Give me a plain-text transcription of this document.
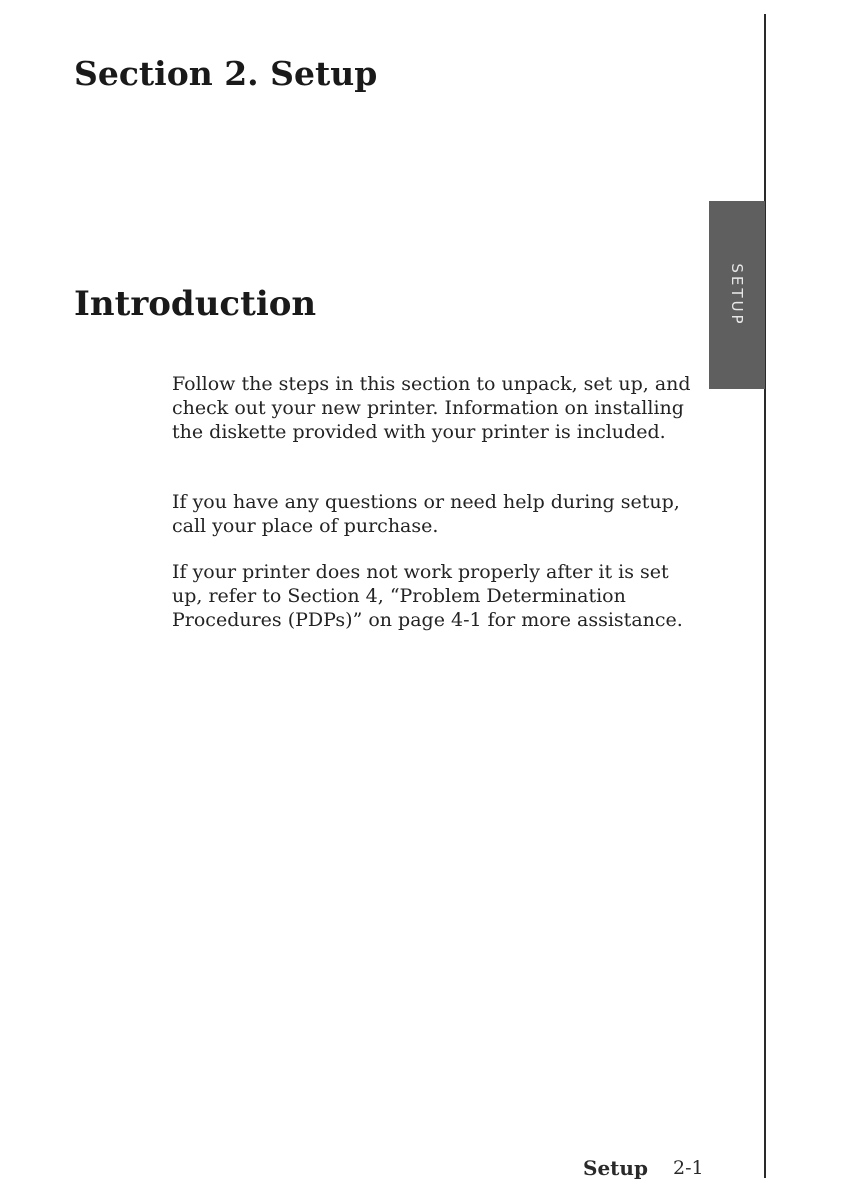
SETUP
Section 2. Setup
Introduction

Follow the steps in this section to unpack, set up, and check out your new printer. Information on installing the diskette provided with your printer is included.

If you have any questions or need help during setup, call your place of purchase.

If your printer does not work properly after it is set up, refer to Section 4, “Problem Determination Procedures (PDPs)” on page 4-1 for more assistance.

Setup 2-1
